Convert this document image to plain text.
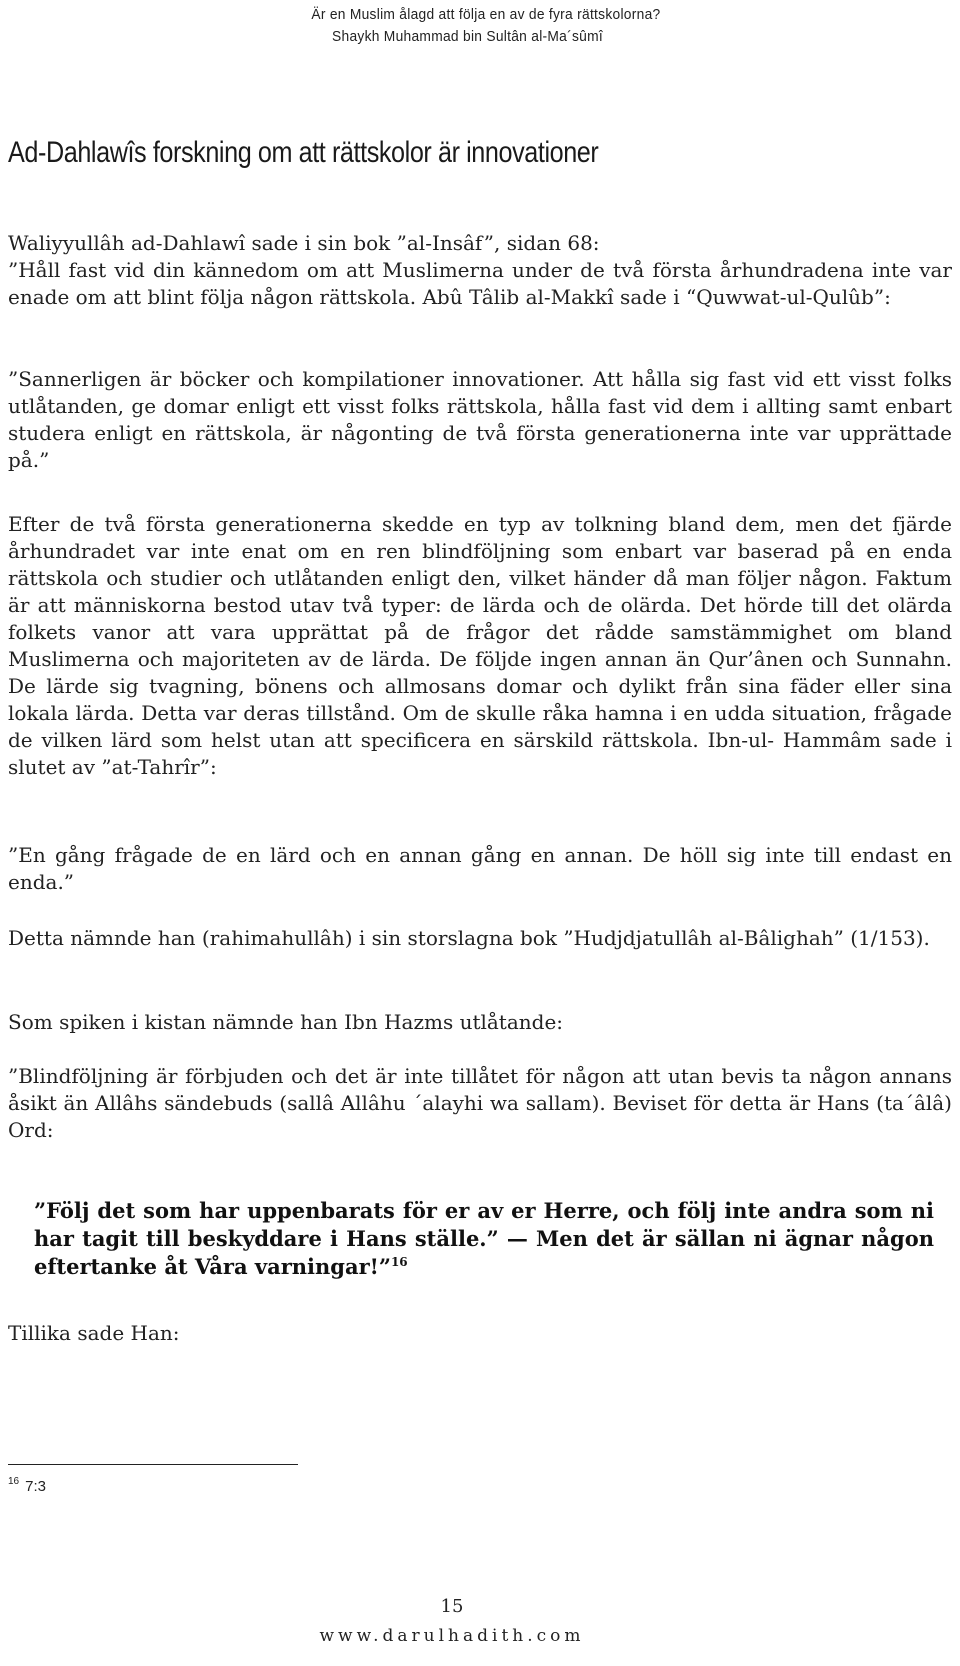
Är en Muslim ålagd att följa en av de fyra rättskolorna?
Shaykh Muhammad bin Sultân al-Ma´sûmî
Ad-Dahlawîs forskning om att rättskolor är innovationer

Waliyyullâh ad-Dahlawî sade i sin bok ”al-Insâf”, sidan 68:

”Håll fast vid din kännedom om att Muslimerna under de två första århundradena inte var enade om att blint följa någon rättskola. Abû Tâlib al-Makkî sade i “Quwwat-ul-Qulûb”:

”Sannerligen är böcker och kompilationer innovationer. Att hålla sig fast vid ett visst folks utlåtanden, ge domar enligt ett visst folks rättskola, hålla fast vid dem i allting samt enbart studera enligt en rättskola, är någonting de två första generationerna inte var upprättade på.”

Efter de två första generationerna skedde en typ av tolkning bland dem, men det fjärde århundradet var inte enat om en ren blindföljning som enbart var baserad på en enda rättskola och studier och utlåtanden enligt den, vilket händer då man följer någon. Faktum är att människorna bestod utav två typer: de lärda och de olärda. Det hörde till det olärda folkets vanor att vara upprättat på de frågor det rådde samstämmighet om bland Muslimerna och majoriteten av de lärda. De följde ingen annan än Qur’ânen och Sunnahn. De lärde sig tvagning, bönens och allmosans domar och dylikt från sina fäder eller sina lokala lärda. Detta var deras tillstånd. Om de skulle råka hamna i en udda situation, frågade de vilken lärd som helst utan att specificera en särskild rättskola. Ibn-ul- Hammâm sade i slutet av ”at-Tahrîr”:

”En gång frågade de en lärd och en annan gång en annan. De höll sig inte till endast en enda.”

Detta nämnde han (rahimahullâh) i sin storslagna bok ”Hudjdjatullâh al-Bâlighah” (1/153).

Som spiken i kistan nämnde han Ibn Hazms utlåtande:

”Blindföljning är förbjuden och det är inte tillåtet för någon att utan bevis ta någon annans åsikt än Allâhs sändebuds (sallâ Allâhu ´alayhi wa sallam). Beviset för detta är Hans (ta´âlâ) Ord:

”Följ det som har uppenbarats för er av er Herre, och följ inte andra som ni har tagit till beskyddare i Hans ställe.” — Men det är sällan ni ägnar någon eftertanke åt Våra varningar!”$^{16}$

Tillika sade Han:

$^{16}$ 7:3
15
www.darulhadith.com
